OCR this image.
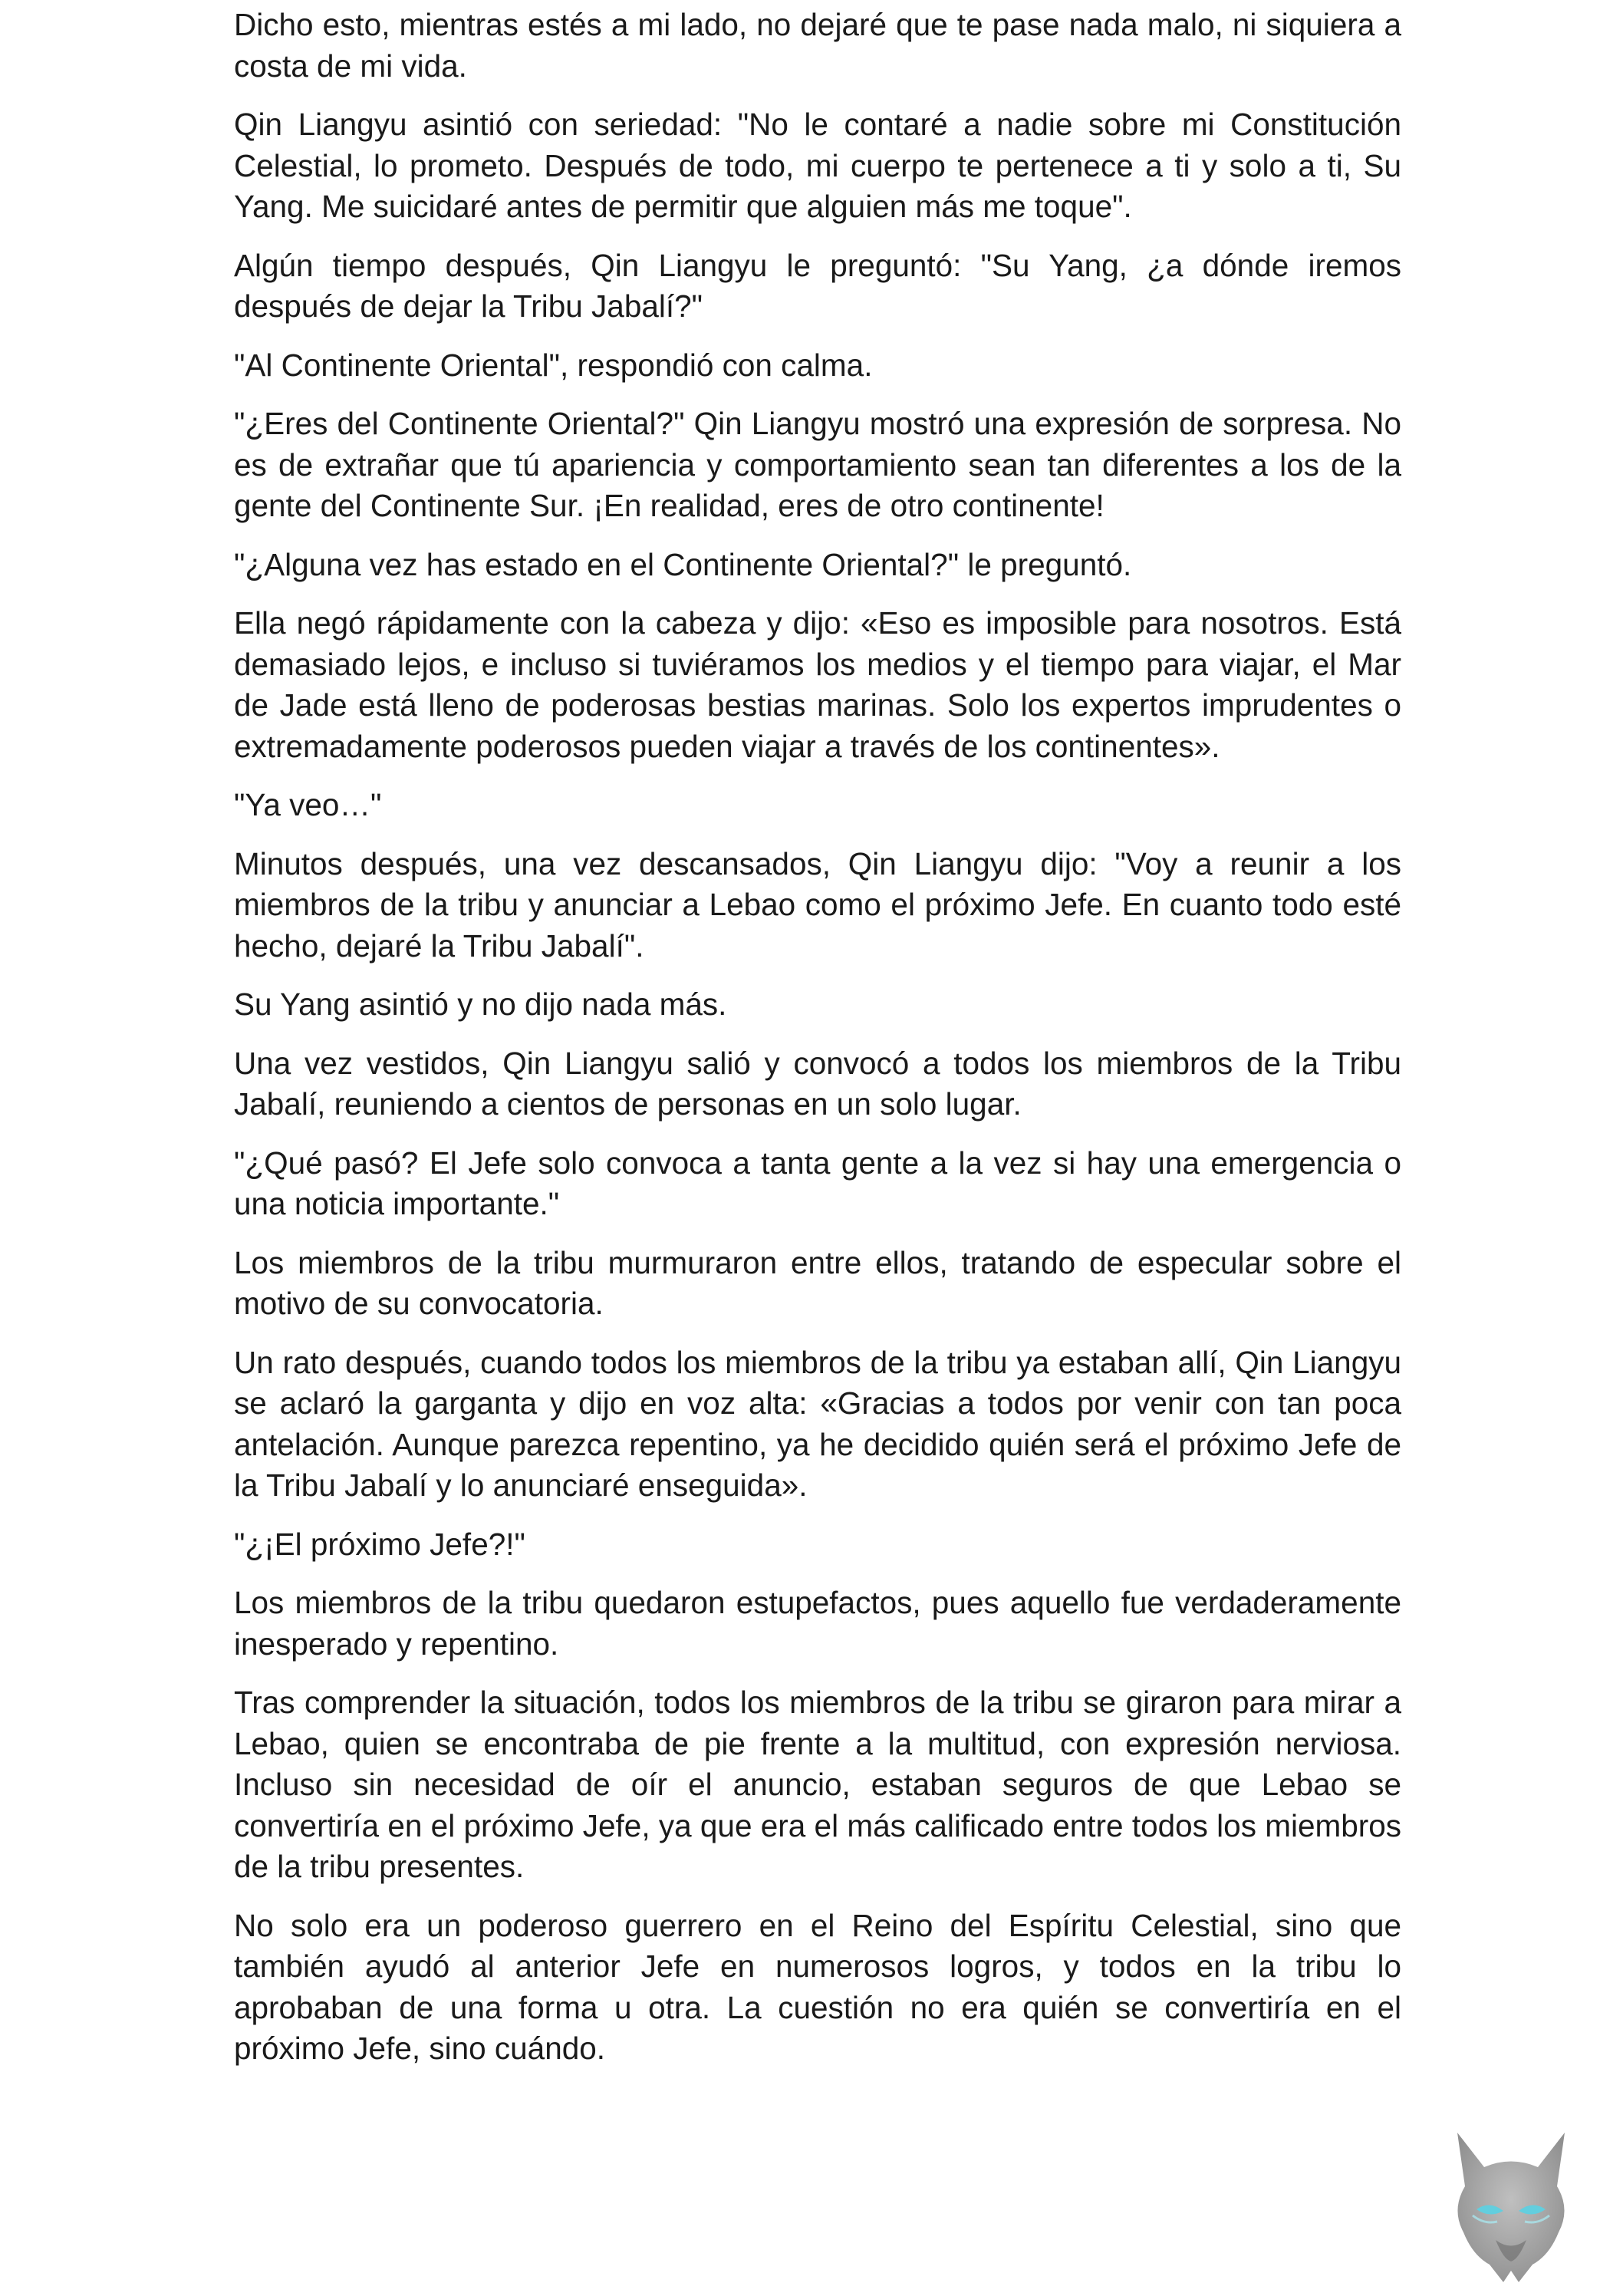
Dicho esto, mientras estés a mi lado, no dejaré que te pase nada malo, ni siquiera a costa de mi vida.

Qin Liangyu asintió con seriedad: "No le contaré a nadie sobre mi Constitución Celestial, lo prometo. Después de todo, mi cuerpo te pertenece a ti y solo a ti, Su Yang. Me suicidaré antes de permitir que alguien más me toque".

Algún tiempo después, Qin Liangyu le preguntó: "Su Yang, ¿a dónde iremos después de dejar la Tribu Jabalí?"

"Al Continente Oriental", respondió con calma.

"¿Eres del Continente Oriental?" Qin Liangyu mostró una expresión de sorpresa. No es de extrañar que tú apariencia y comportamiento sean tan diferentes a los de la gente del Continente Sur. ¡En realidad, eres de otro continente!

"¿Alguna vez has estado en el Continente Oriental?" le preguntó.

Ella negó rápidamente con la cabeza y dijo: «Eso es imposible para nosotros. Está demasiado lejos, e incluso si tuviéramos los medios y el tiempo para viajar, el Mar de Jade está lleno de poderosas bestias marinas. Solo los expertos imprudentes o extremadamente poderosos pueden viajar a través de los continentes».

"Ya veo…"

Minutos después, una vez descansados, Qin Liangyu dijo: "Voy a reunir a los miembros de la tribu y anunciar a Lebao como el próximo Jefe. En cuanto todo esté hecho, dejaré la Tribu Jabalí".

Su Yang asintió y no dijo nada más.

Una vez vestidos, Qin Liangyu salió y convocó a todos los miembros de la Tribu Jabalí, reuniendo a cientos de personas en un solo lugar.

"¿Qué pasó? El Jefe solo convoca a tanta gente a la vez si hay una emergencia o una noticia importante."

Los miembros de la tribu murmuraron entre ellos, tratando de especular sobre el motivo de su convocatoria.

Un rato después, cuando todos los miembros de la tribu ya estaban allí, Qin Liangyu se aclaró la garganta y dijo en voz alta: «Gracias a todos por venir con tan poca antelación. Aunque parezca repentino, ya he decidido quién será el próximo Jefe de la Tribu Jabalí y lo anunciaré enseguida».

"¿¡El próximo Jefe?!"

Los miembros de la tribu quedaron estupefactos, pues aquello fue verdaderamente inesperado y repentino.

Tras comprender la situación, todos los miembros de la tribu se giraron para mirar a Lebao, quien se encontraba de pie frente a la multitud, con expresión nerviosa. Incluso sin necesidad de oír el anuncio, estaban seguros de que Lebao se convertiría en el próximo Jefe, ya que era el más calificado entre todos los miembros de la tribu presentes.

No solo era un poderoso guerrero en el Reino del Espíritu Celestial, sino que también ayudó al anterior Jefe en numerosos logros, y todos en la tribu lo aprobaban de una forma u otra. La cuestión no era quién se convertiría en el próximo Jefe, sino cuándo.
